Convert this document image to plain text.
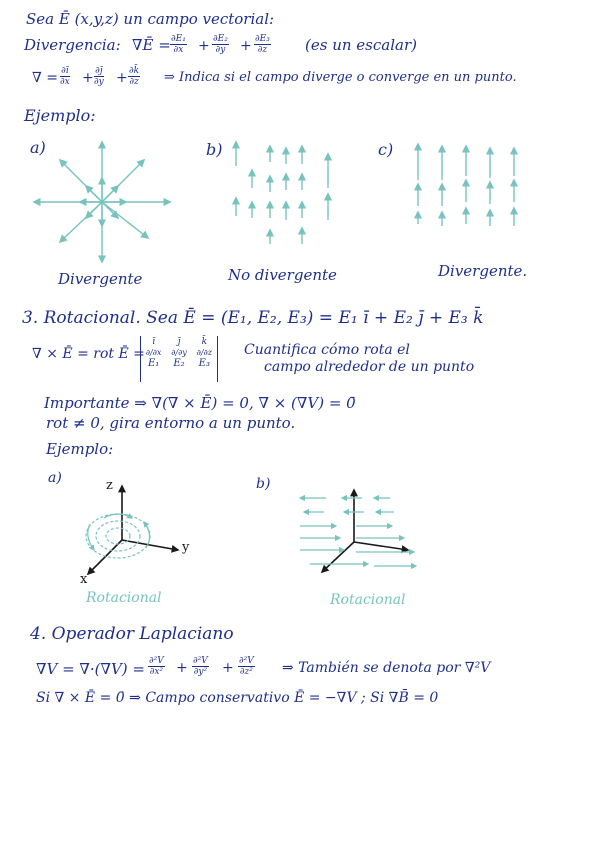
Sea Ē (x,y,z) un campo vectorial:
Divergencia: ∇Ē = $\frac{\text{∂E₁}}{\partial x} + \frac{\text{∂E₂}}{\partial y} + \frac{\text{∂E₃}}{\partial z} (es$ un escalar)
∇ = $\frac{\partial ī}{\partial x} + \frac{\partial j̄}{\partial y} + \frac{\partial k̄}{\partial z}$ ⇒ Indica si el campo diverge o converge en un punto.
Ejemplo:
a)	b)	c)
Divergente	No divergente	Divergente.
3. Rotacional. Sea Ē = (E₁, E₂, E₃) = E₁ ī + E₂ j̄ + E₃ k̄
∇ × Ē = rot Ē =
ī	j̄	k̄
∂/∂x	∂/∂y	∂/∂z
E₁	E₂	E₃
Cuantifica cómo rota el
campo alrededor de un punto
Importante ⇒ ∇(∇ × Ē) = 0, ∇ × (∇V) = 0̄
rot ≠ 0, gira entorno a un punto.
Ejemplo:
a)	b)
z
y
x
Rotacional	Rotacional
4. Operador Laplaciano
$\nabla V = \nabla\cdot(\nabla V) = \frac{\text{∂²V}}{\text{∂x²}} + \frac{\text{∂²V}}{\text{∂y²}} + \frac{\text{∂²V}}{\text{∂z²}}$ ⇒ También se denota por ∇²V
Si ∇ × Ē = 0̄ ⇒ Campo conservativo Ē = −∇V ; Si ∇B̄ = 0
